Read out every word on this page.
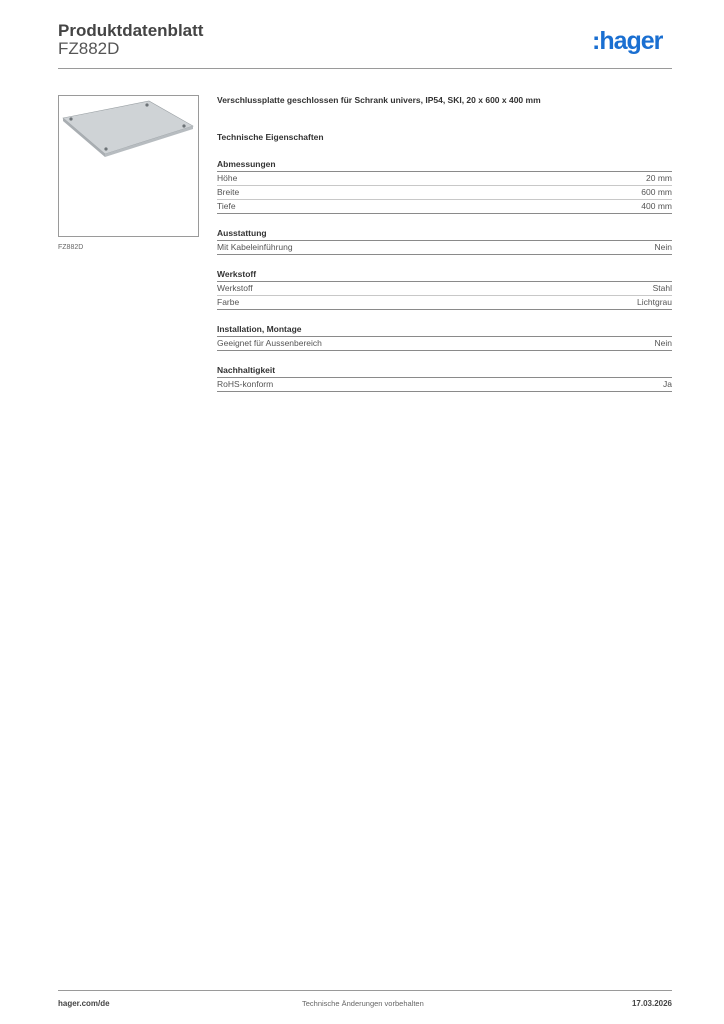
Produktdatenblatt
FZ882D	:hager
FZ882D
Verschlussplatte geschlossen für Schrank univers, IP54, SKI, 20 x 600 x 400 mm
Technische Eigenschaften
Abmessungen
Höhe	20 mm
Breite	600 mm
Tiefe	400 mm
Ausstattung
Mit Kabeleinführung	Nein
Werkstoff
Werkstoff	Stahl
Farbe	Lichtgrau
Installation, Montage
Geeignet für Aussenbereich	Nein
Nachhaltigkeit
RoHS-konform	Ja
hager.com/de	Technische Änderungen vorbehalten	17.03.2026
